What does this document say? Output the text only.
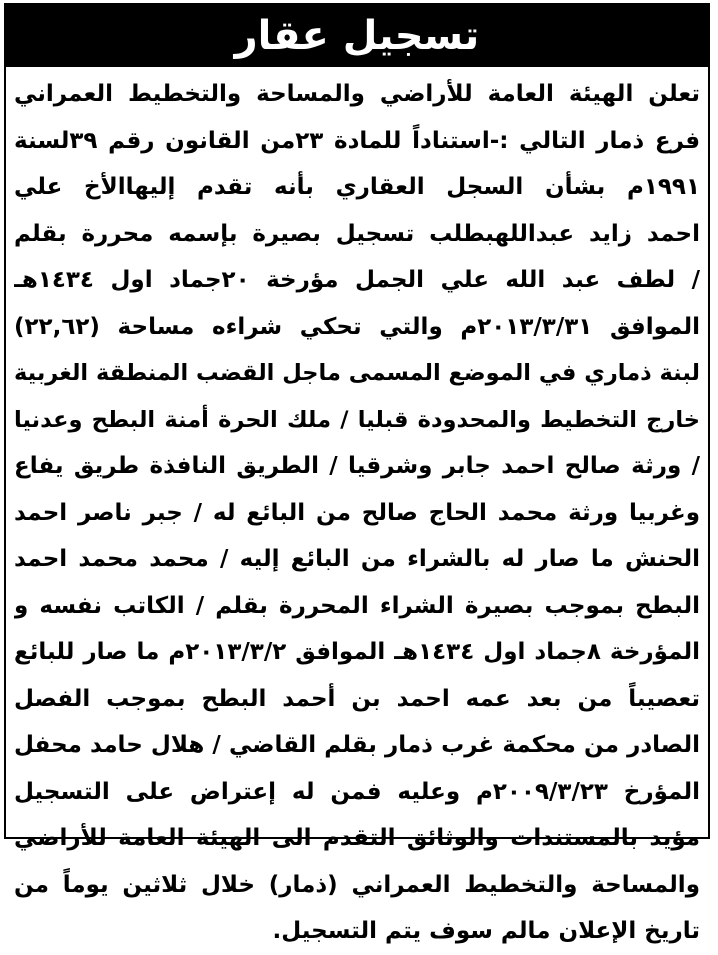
تسجيل عقار
تعلن الهيئة العامة للأراضي والمساحة والتخطيط العمراني
فرع ذمار التالي :-استناداً للمادة ٢٣من القانون رقم ٣٩لسنة
١٩٩١م بشأن السجل العقاري بأنه تقدم إليهاالأخ علي
احمد زايد عبداللهبطلب تسجيل بصيرة بإسمه محررة بقلم
/ لطف عبد الله علي الجمل مؤرخة ٢٠جماد اول ١٤٣٤هـ
الموافق ٢٠١٣/٣/٣١م والتي تحكي شراءه مساحة (٢٢,٦٢)
لبنة ذماري في الموضع المسمى ماجل القضب المنطقة الغربية
خارج التخطيط والمحدودة قبليا / ملك الحرة أمنة البطح وعدنيا
/ ورثة صالح احمد جابر وشرقيا / الطريق النافذة طريق يفاع
وغربيا ورثة محمد الحاج صالح من البائع له / جبر ناصر احمد
الحنش ما صار له بالشراء من البائع إليه / محمد محمد احمد
البطح بموجب بصيرة الشراء المحررة بقلم / الكاتب نفسه و
المؤرخة ٨جماد اول ١٤٣٤هـ الموافق ٢٠١٣/٣/٢م ما صار للبائع
تعصيباً من بعد عمه احمد بن أحمد البطح بموجب الفصل
الصادر من محكمة غرب ذمار بقلم القاضي / هلال حامد محفل
المؤرخ ٢٠٠٩/٣/٢٣م وعليه فمن له إعتراض على التسجيل
مؤيد بالمستندات والوثائق التقدم الى الهيئة العامة للأراضي
والمساحة والتخطيط العمراني (ذمار) خلال ثلاثين يوماً من
تاريخ الإعلان مالم سوف يتم التسجيل.
